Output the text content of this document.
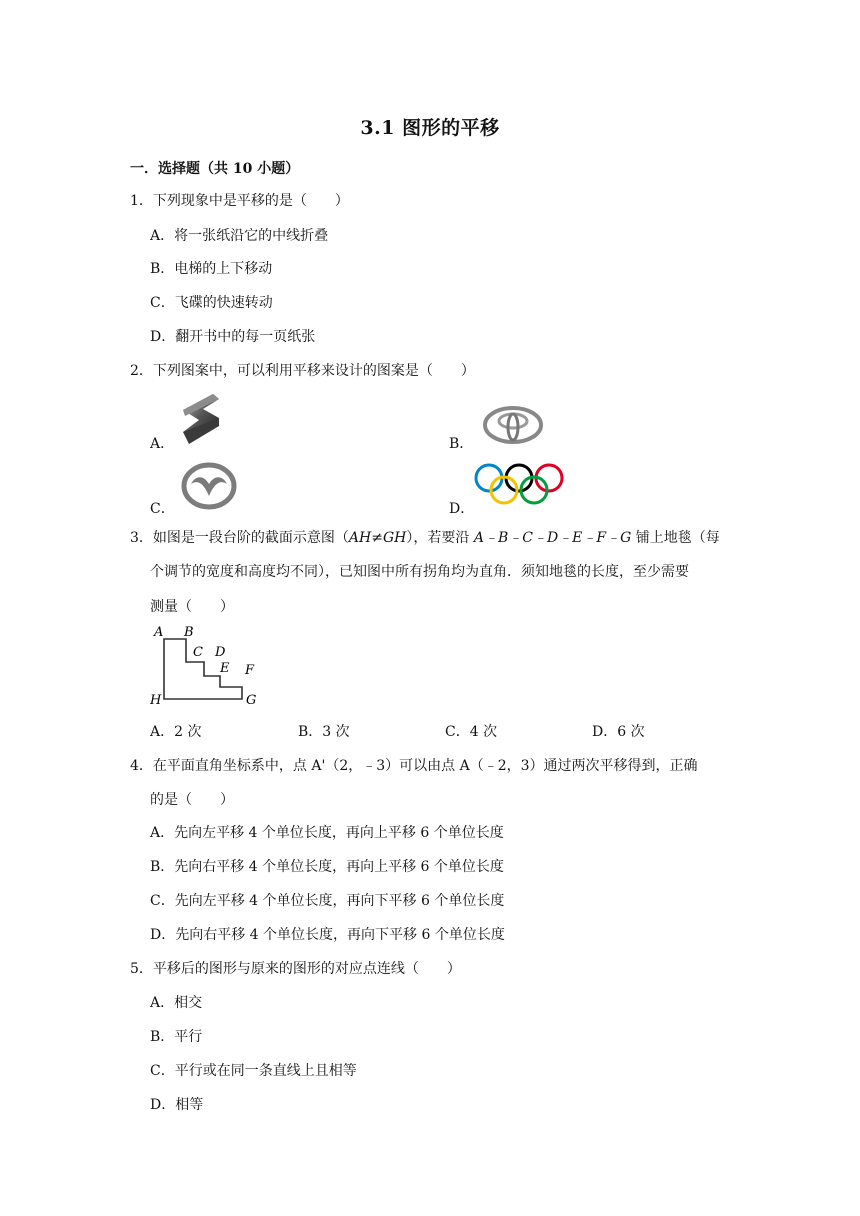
3.1 图形的平移
一．选择题（共 10 小题）
1．下列现象中是平移的是（　　）
A．将一张纸沿它的中线折叠
B．电梯的上下移动
C．飞碟的快速转动
D．翻开书中的每一页纸张
2．下列图案中，可以利用平移来设计的图案是（　　）
A．	B．
C．	D．
3．如图是一段台阶的截面示意图（AH≠GH），若要沿 A﹣B﹣C﹣D﹣E﹣F﹣G 铺上地毯（每
个调节的宽度和高度均不同），已知图中所有拐角均为直角．须知地毯的长度，至少需要
测量（　　）
A B
C D
E F
H	G
A．2 次	B．3 次	C．4 次	D．6 次
4．在平面直角坐标系中，点 A'（2，﹣3）可以由点 A（﹣2，3）通过两次平移得到，正确
的是（　　）
A．先向左平移 4 个单位长度，再向上平移 6 个单位长度
B．先向右平移 4 个单位长度，再向上平移 6 个单位长度
C．先向左平移 4 个单位长度，再向下平移 6 个单位长度
D．先向右平移 4 个单位长度，再向下平移 6 个单位长度
5．平移后的图形与原来的图形的对应点连线（　　）
A．相交
B．平行
C．平行或在同一条直线上且相等
D．相等
